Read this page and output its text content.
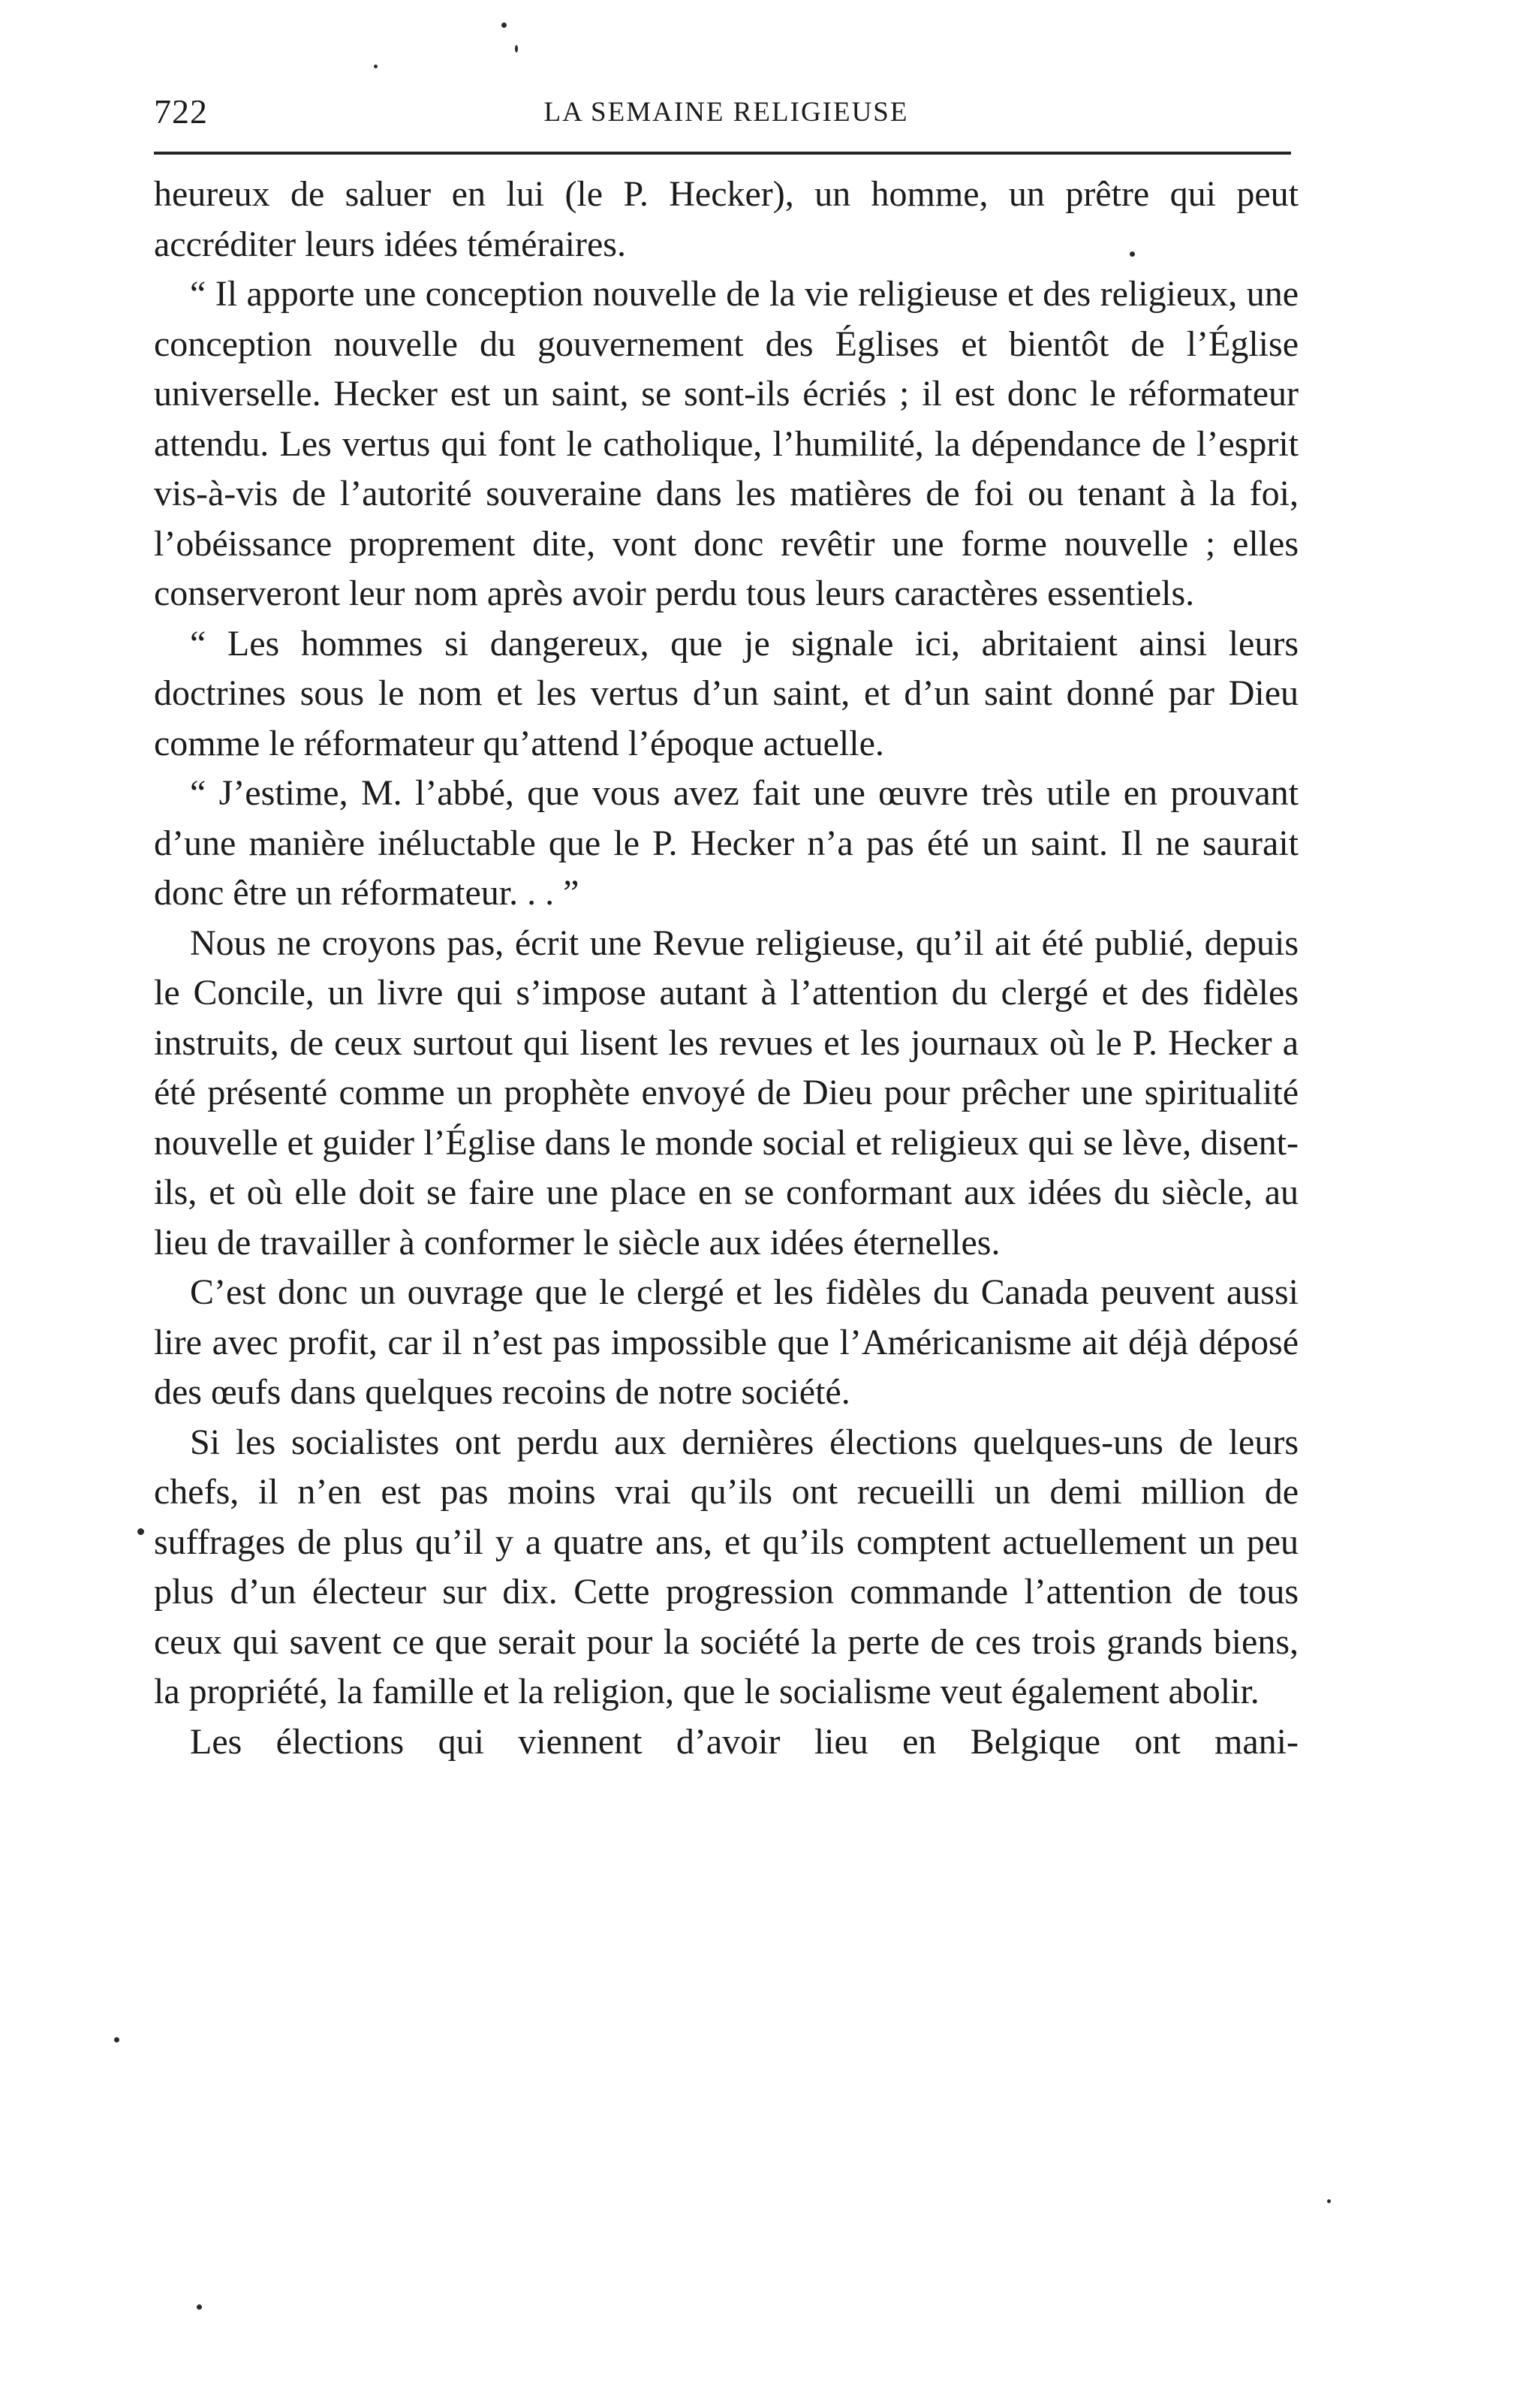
722	LA SEMAINE RELIGIEUSE

heureux de saluer en lui (le P. Hecker), un homme, un prêtre qui peut accréditer leurs idées téméraires.

“ Il apporte une conception nouvelle de la vie religieuse et des religieux, une conception nouvelle du gouvernement des Églises et bientôt de l’Église universelle. Hecker est un saint, se sont-ils écriés ; il est donc le réformateur attendu. Les vertus qui font le catholique, l’humilité, la dépendance de l’esprit vis-à-vis de l’autorité souveraine dans les matières de foi ou tenant à la foi, l’obéissance proprement dite, vont donc revêtir une forme nouvelle ; elles conserveront leur nom après avoir perdu tous leurs caractères essentiels.

“ Les hommes si dangereux, que je signale ici, abritaient ainsi leurs doctrines sous le nom et les vertus d’un saint, et d’un saint donné par Dieu comme le réformateur qu’attend l’époque actuelle.

“ J’estime, M. l’abbé, que vous avez fait une œuvre très utile en prouvant d’une manière inéluctable que le P. Hecker n’a pas été un saint. Il ne saurait donc être un réformateur. . . ”

Nous ne croyons pas, écrit une Revue religieuse, qu’il ait été publié, depuis le Concile, un livre qui s’impose autant à l’attention du clergé et des fidèles instruits, de ceux surtout qui lisent les revues et les journaux où le P. Hecker a été présenté comme un prophète envoyé de Dieu pour prêcher une spiritualité nouvelle et guider l’Église dans le monde social et religieux qui se lève, disent-ils, et où elle doit se faire une place en se conformant aux idées du siècle, au lieu de travailler à conformer le siècle aux idées éternelles.

C’est donc un ouvrage que le clergé et les fidèles du Canada peuvent aussi lire avec profit, car il n’est pas impossible que l’Américanisme ait déjà déposé des œufs dans quelques recoins de notre société.

Si les socialistes ont perdu aux dernières élections quelques-uns de leurs chefs, il n’en est pas moins vrai qu’ils ont recueilli un demi million de suffrages de plus qu’il y a quatre ans, et qu’ils comptent actuellement un peu plus d’un électeur sur dix. Cette progression commande l’attention de tous ceux qui savent ce que serait pour la société la perte de ces trois grands biens, la propriété, la famille et la religion, que le socialisme veut également abolir.

Les élections qui viennent d’avoir lieu en Belgique ont mani-
